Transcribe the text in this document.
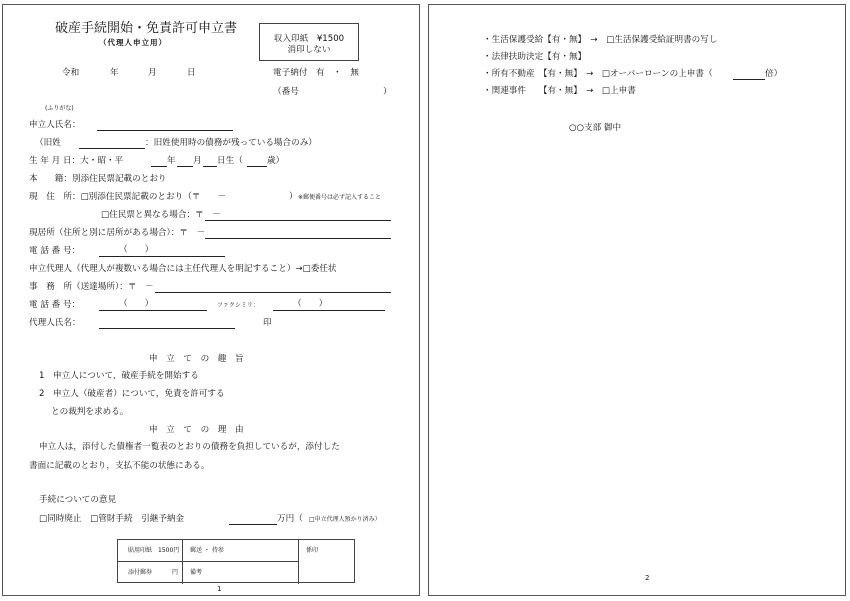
破産手続開始・免責許可申立書
（代理人申立用）	収入印紙　¥1500
消印しない
令和	年	月	日	電子納付　有　・　無
（番号	）
(ふりがな)
申立人氏名：
（旧姓	：旧姓使用時の債務が残っている場合のみ）
生 年 月 日：大・昭・平	年 月 日生（	歳）
本　　籍：別添住民票記載のとおり
現　住　所：□別添住民票記載のとおり（〒　　－	） ※郵便番号は必ず記入すること
□住民票と異なる場合：〒　－
現居所（住所と別に居所がある場合）：〒　－
電 話 番 号：	（　　）
申立代理人（代理人が複数いる場合には主任代理人を明記すること）→□委任状
事　務　所（送達場所）：〒　－
電 話 番 号：	（　　）	ファクシミリ：	（　　）
代理人氏名：	印
申　立　て　の　趣　旨
1　申立人について，破産手続を開始する
2　申立人（破産者）について，免責を許可する
との裁判を求める。
申　立　て　の　理　由
申立人は，添付した債権者一覧表のとおりの債務を負担しているが，添付した
書面に記載のとおり，支払不能の状態にある。
手続についての意見
□同時廃止　□管財手続　引継予納金	万円（ □申立代理人預かり済み）
貼用印紙 1500円 郵送 ・ 持参	係印
添付郵券	円 備考
1
・生活保護受給【有・無】　→　□生活保護受給証明書の写し
・法律扶助決定【有・無】
・所有不動産　【有・無】　→　□オーバーローンの上申書（	倍）
・関連事件　　【有・無】　→　□上申書
○○支部 御中
2
